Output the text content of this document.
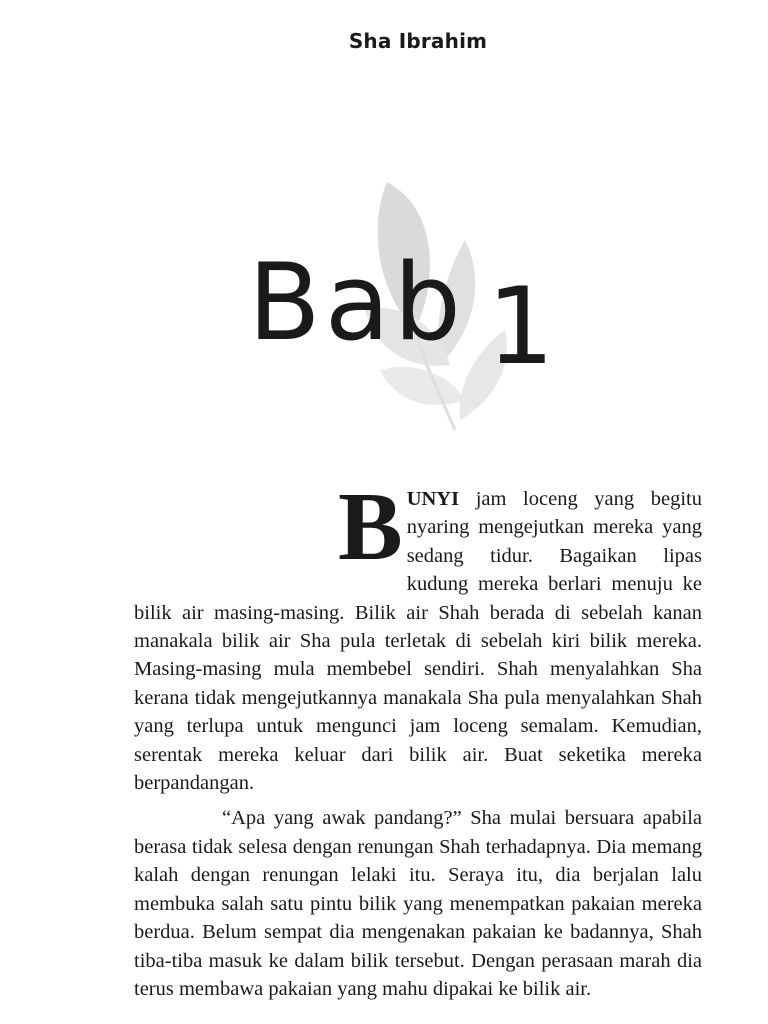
Sha Ibrahim
Bab 1

B UNYI jam loceng yang begitu nyaring mengejutkan mereka yang sedang tidur. Bagaikan lipas kudung mereka berlari menuju ke bilik air masing-masing. Bilik air Shah berada di sebelah kanan manakala bilik air Sha pula terletak di sebelah kiri bilik mereka. Masing-masing mula membebel sendiri. Shah menyalahkan Sha kerana tidak mengejutkannya manakala Sha pula menyalahkan Shah yang terlupa untuk mengunci jam loceng semalam. Kemudian, serentak mereka keluar dari bilik air. Buat seketika mereka berpandangan.

“Apa yang awak pandang?” Sha mulai bersuara apabila berasa tidak selesa dengan renungan Shah terhadapnya. Dia memang kalah dengan renungan lelaki itu. Seraya itu, dia berjalan lalu membuka salah satu pintu bilik yang menempatkan pakaian mereka berdua. Belum sempat dia mengenakan pakaian ke badannya, Shah tiba-tiba masuk ke dalam bilik tersebut. Dengan perasaan marah dia terus membawa pakaian yang mahu dipakai ke bilik air.
